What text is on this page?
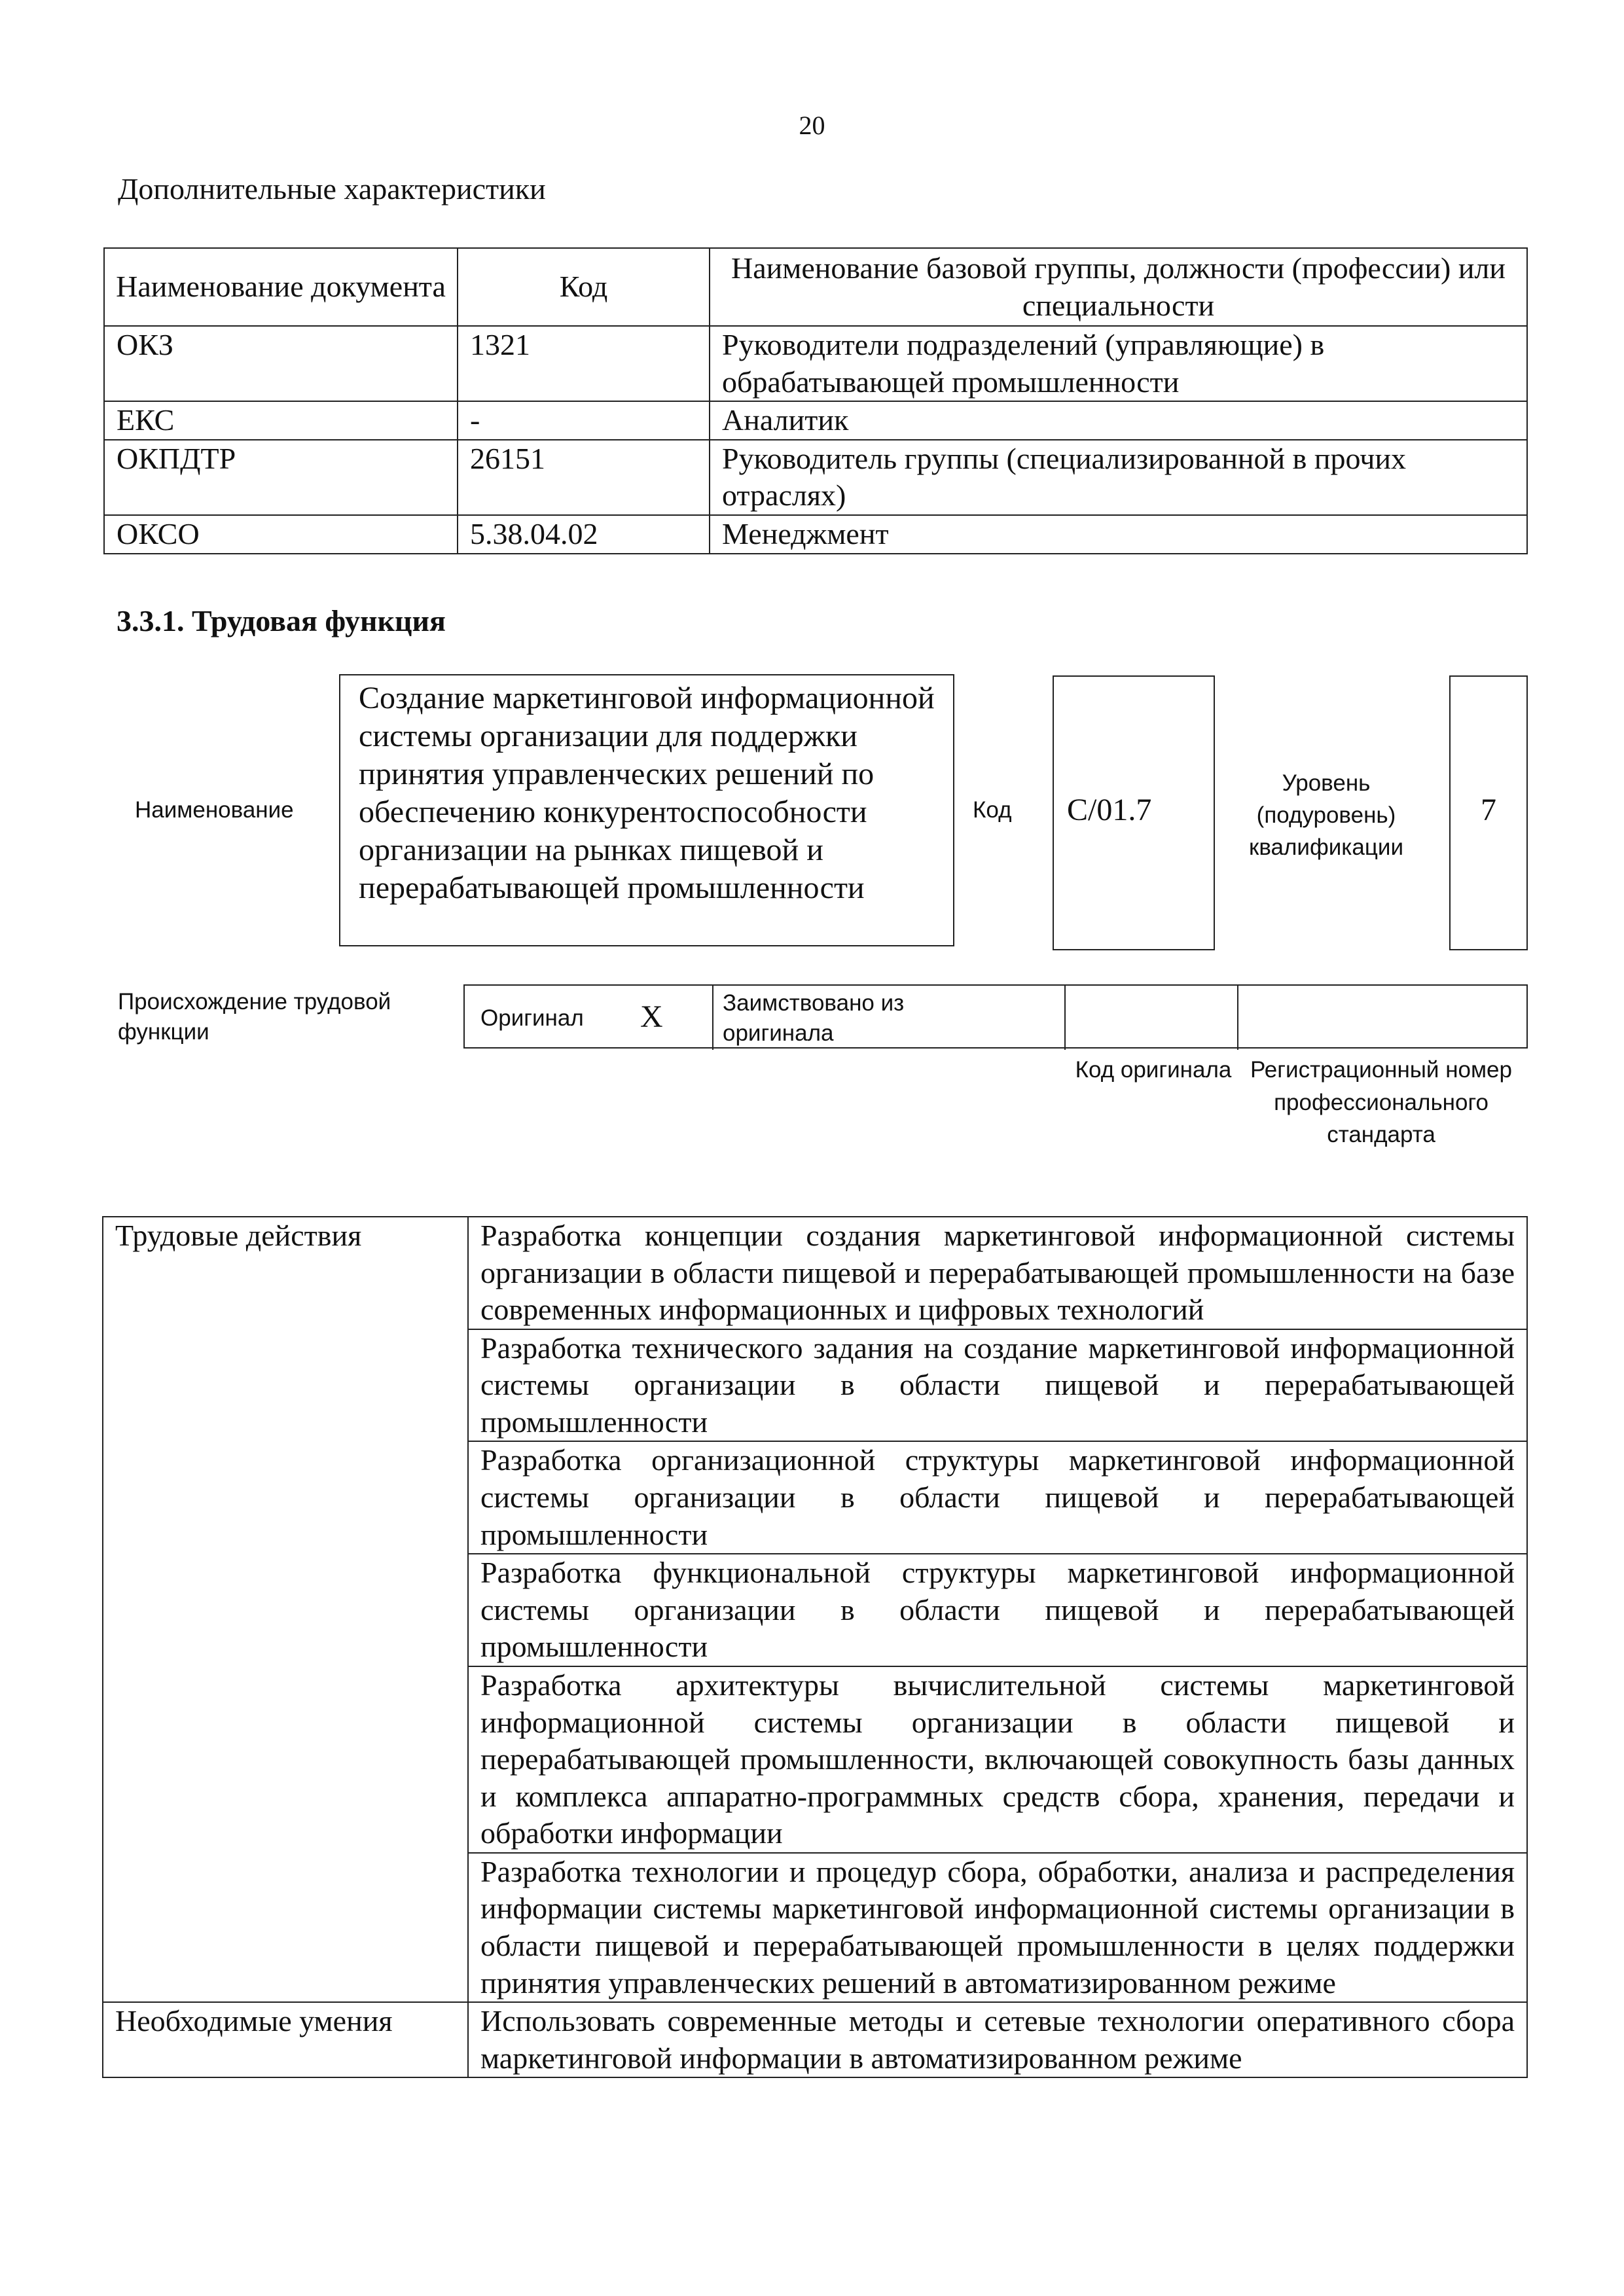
20
Дополнительные характеристики
Наименование документа	Код	Наименование базовой группы, должности (профессии) или специальности
ОКЗ	1321	Руководители подразделений (управляющие) в обрабатывающей промышленности
ЕКС	-	Аналитик
ОКПДТР	26151	Руководитель группы (специализированной в прочих отраслях)
ОКСО	5.38.04.02	Менеджмент
3.3.1. Трудовая функция
Наименование
Создание маркетинговой информационной системы организации для поддержки принятия управленческих решений по обеспечению конкурентоспособности организации на рынках пищевой и перерабатывающей промышленности
Код	C/01.7
Уровень (подуровень) квалификации
7
Происхождение трудовой функции
Оригинал X	Заимствовано из оригинала
Код оригинала Регистрационный номер профессионального стандарта
Трудовые действия	Разработка концепции создания маркетинговой информационной системы организации в области пищевой и перерабатывающей промышленности на базе современных информационных и цифровых технологий
	Разработка технического задания на создание маркетинговой информационной системы организации в области пищевой и перерабатывающей промышленности
	Разработка организационной структуры маркетинговой информационной системы организации в области пищевой и перерабатывающей промышленности
	Разработка функциональной структуры маркетинговой информационной системы организации в области пищевой и перерабатывающей промышленности
	Разработка архитектуры вычислительной системы маркетинговой информационной системы организации в области пищевой и перерабатывающей промышленности, включающей совокупность базы данных и комплекса аппаратно-программных средств сбора, хранения, передачи и обработки информации
	Разработка технологии и процедур сбора, обработки, анализа и распределения информации системы маркетинговой информационной системы организации в области пищевой и перерабатывающей промышленности в целях поддержки принятия управленческих решений в автоматизированном режиме
Необходимые умения	Использовать современные методы и сетевые технологии оперативного сбора маркетинговой информации в автоматизированном режиме
